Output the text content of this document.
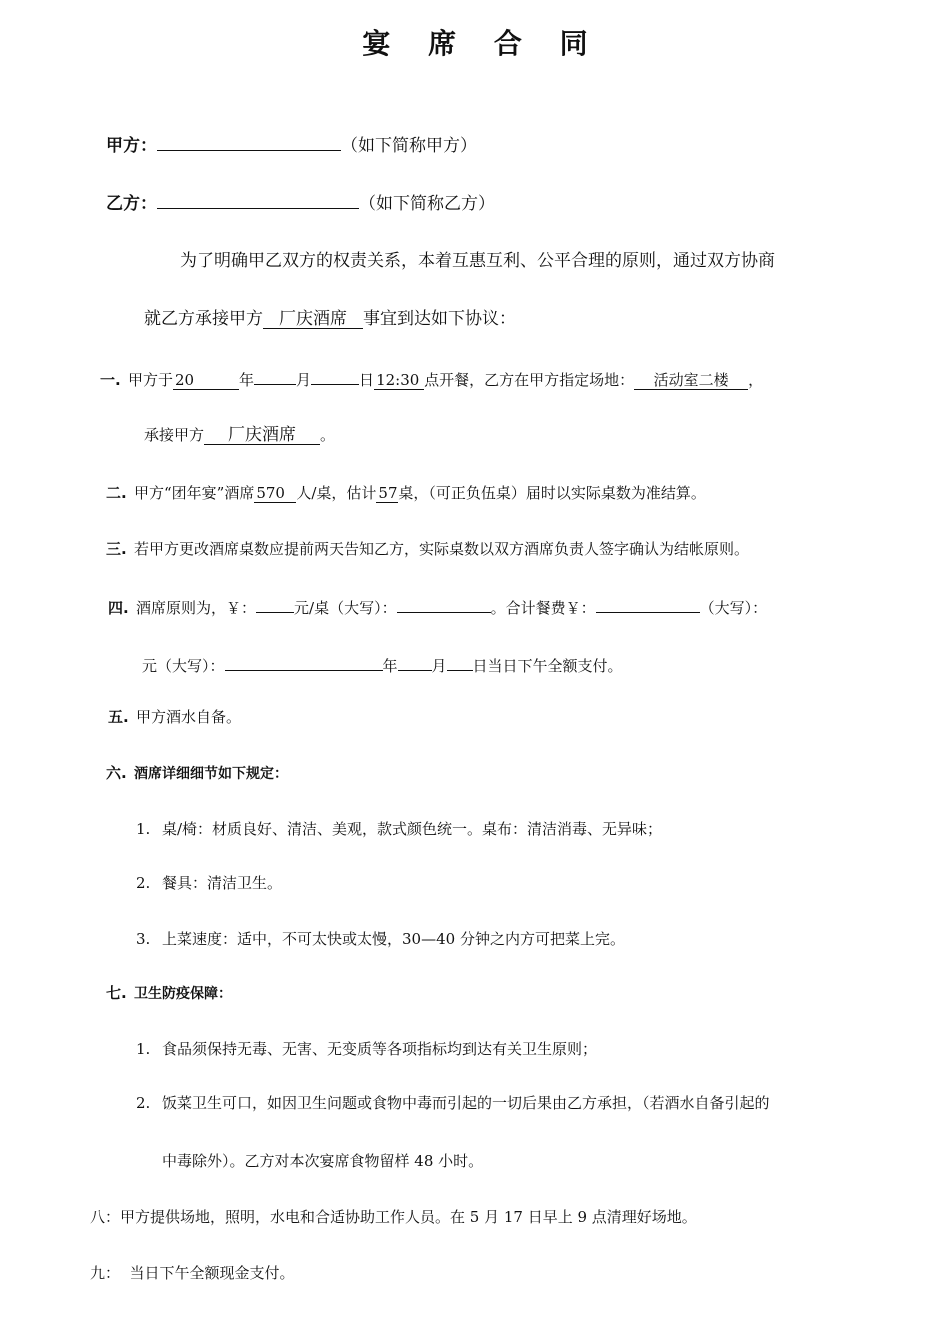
宴 席 合 同
甲方：	（如下简称甲方）
乙方：	（如下简称乙方）
为了明确甲乙双方的权责关系，本着互惠互利、公平合理的原则，通过双方协商
就乙方承接甲方 厂庆酒席 事宜到达如下协议：
一. 甲方于 20	年	月	日 12:30 点开餐，乙方在甲方指定场地： 活动室二楼 ，
承接甲方 厂庆酒席 。
二. 甲方“团年宴”酒席 570 人/桌，估计 57桌，（可正负伍桌）届时以实际桌数为准结算。
三. 若甲方更改酒席桌数应提前两天告知乙方，实际桌数以双方酒席负责人签字确认为结帐原则。
四. 酒席原则为，￥：	元/桌（大写）：	。合计餐费￥：	（大写）：
元（大写）：	年 月 日当日下午全额支付。
五. 甲方酒水自备。
六. 酒席详细细节如下规定：
1. 桌/椅：材质良好、清洁、美观，款式颜色统一。桌布：清洁消毒、无异味；
2. 餐具：清洁卫生。
3. 上菜速度：适中，不可太快或太慢，30—40 分钟之内方可把菜上完。
七. 卫生防疫保障：
1. 食品须保持无毒、无害、无变质等各项指标均到达有关卫生原则；
2. 饭菜卫生可口，如因卫生问题或食物中毒而引起的一切后果由乙方承担，（若酒水自备引起的
中毒除外）。乙方对本次宴席食物留样 48 小时。
八：甲方提供场地，照明，水电和合适协助工作人员。在 5 月 17 日早上 9 点清理好场地。
九：  当日下午全额现金支付。
